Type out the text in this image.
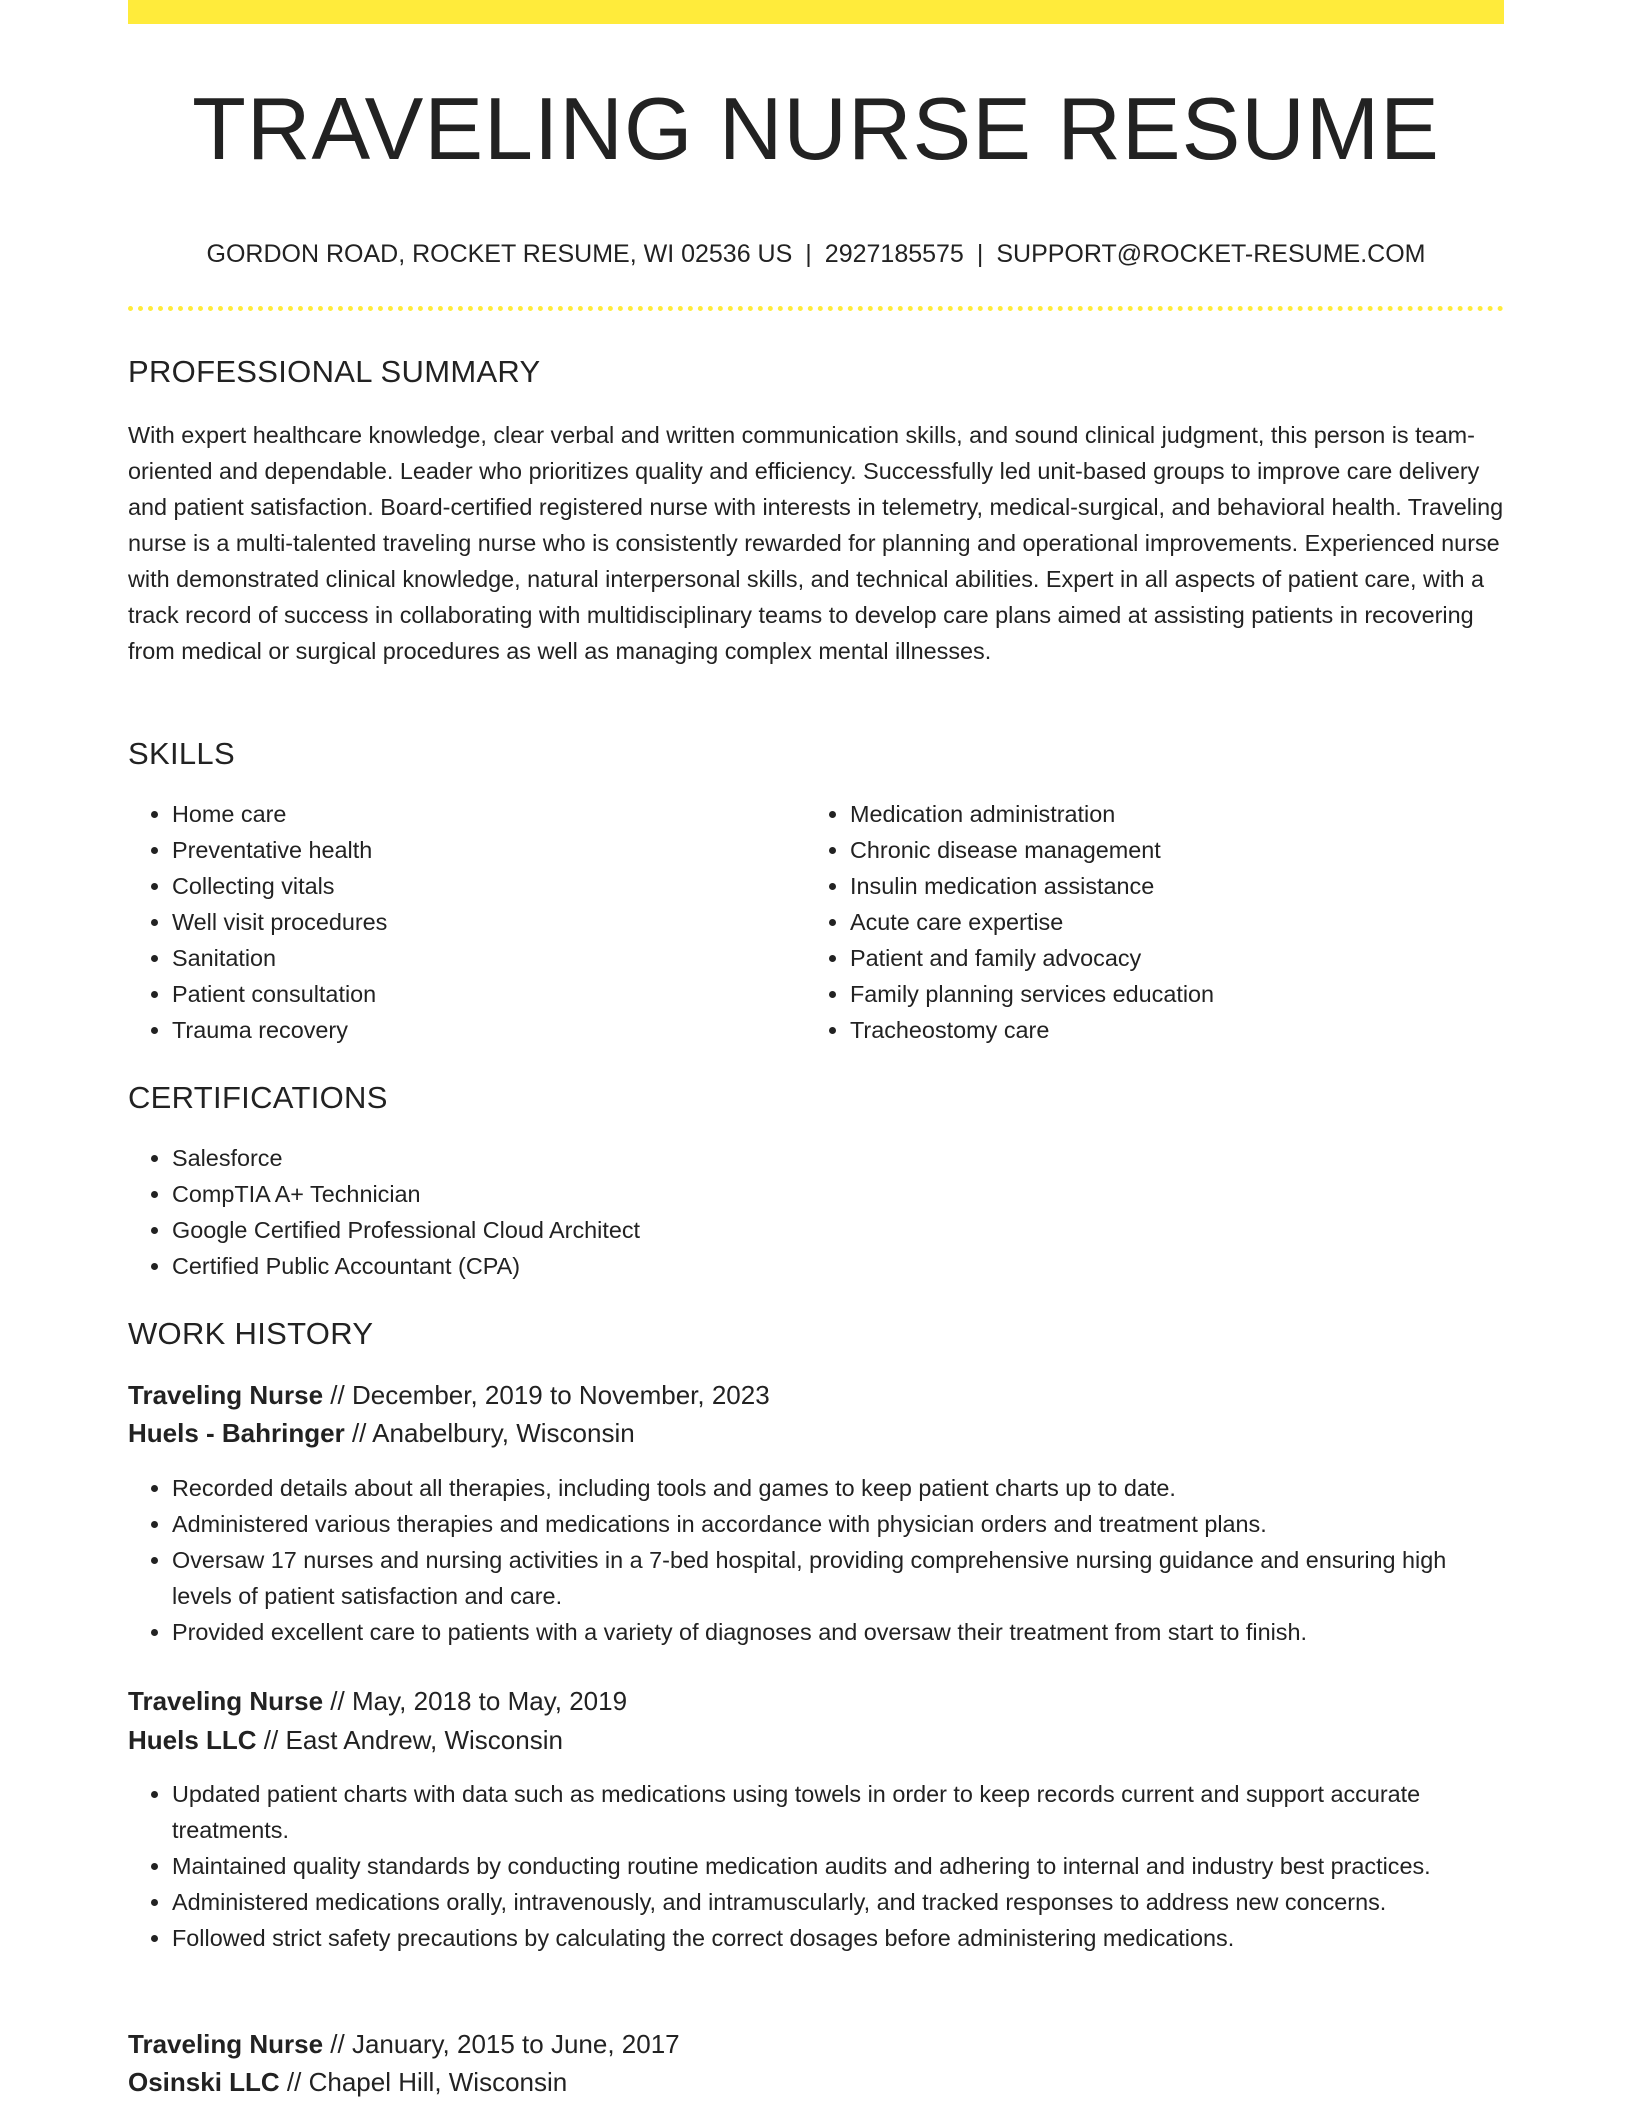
TRAVELING NURSE RESUME
GORDON ROAD, ROCKET RESUME, WI 02536 US | 2927185575 | SUPPORT@ROCKET-RESUME.COM
PROFESSIONAL SUMMARY

With expert healthcare knowledge, clear verbal and written communication skills, and sound clinical judgment, this person is team-oriented and dependable. Leader who prioritizes quality and efficiency. Successfully led unit-based groups to improve care delivery and patient satisfaction. Board-certified registered nurse with interests in telemetry, medical-surgical, and behavioral health. Traveling nurse is a multi-talented traveling nurse who is consistently rewarded for planning and operational improvements. Experienced nurse with demonstrated clinical knowledge, natural interpersonal skills, and technical abilities. Expert in all aspects of patient care, with a track record of success in collaborating with multidisciplinary teams to develop care plans aimed at assisting patients in recovering from medical or surgical procedures as well as managing complex mental illnesses.

SKILLS
• Home care
• Preventative health
• Collecting vitals
• Well visit procedures
• Sanitation
• Patient consultation
• Trauma recovery
• Medication administration
• Chronic disease management
• Insulin medication assistance
• Acute care expertise
• Patient and family advocacy
• Family planning services education
• Tracheostomy care
CERTIFICATIONS
• Salesforce
• CompTIA A+ Technician
• Google Certified Professional Cloud Architect
• Certified Public Accountant (CPA)
WORK HISTORY
Traveling Nurse // December, 2019 to November, 2023
Huels - Bahringer // Anabelbury, Wisconsin
• Recorded details about all therapies, including tools and games to keep patient charts up to date.
• Administered various therapies and medications in accordance with physician orders and treatment plans.
• Oversaw 17 nurses and nursing activities in a 7-bed hospital, providing comprehensive nursing guidance and ensuring high levels of patient satisfaction and care.
• Provided excellent care to patients with a variety of diagnoses and oversaw their treatment from start to finish.
Traveling Nurse // May, 2018 to May, 2019
Huels LLC // East Andrew, Wisconsin
• Updated patient charts with data such as medications using towels in order to keep records current and support accurate treatments.
• Maintained quality standards by conducting routine medication audits and adhering to internal and industry best practices.
• Administered medications orally, intravenously, and intramuscularly, and tracked responses to address new concerns.
• Followed strict safety precautions by calculating the correct dosages before administering medications.
Traveling Nurse // January, 2015 to June, 2017
Osinski LLC // Chapel Hill, Wisconsin
